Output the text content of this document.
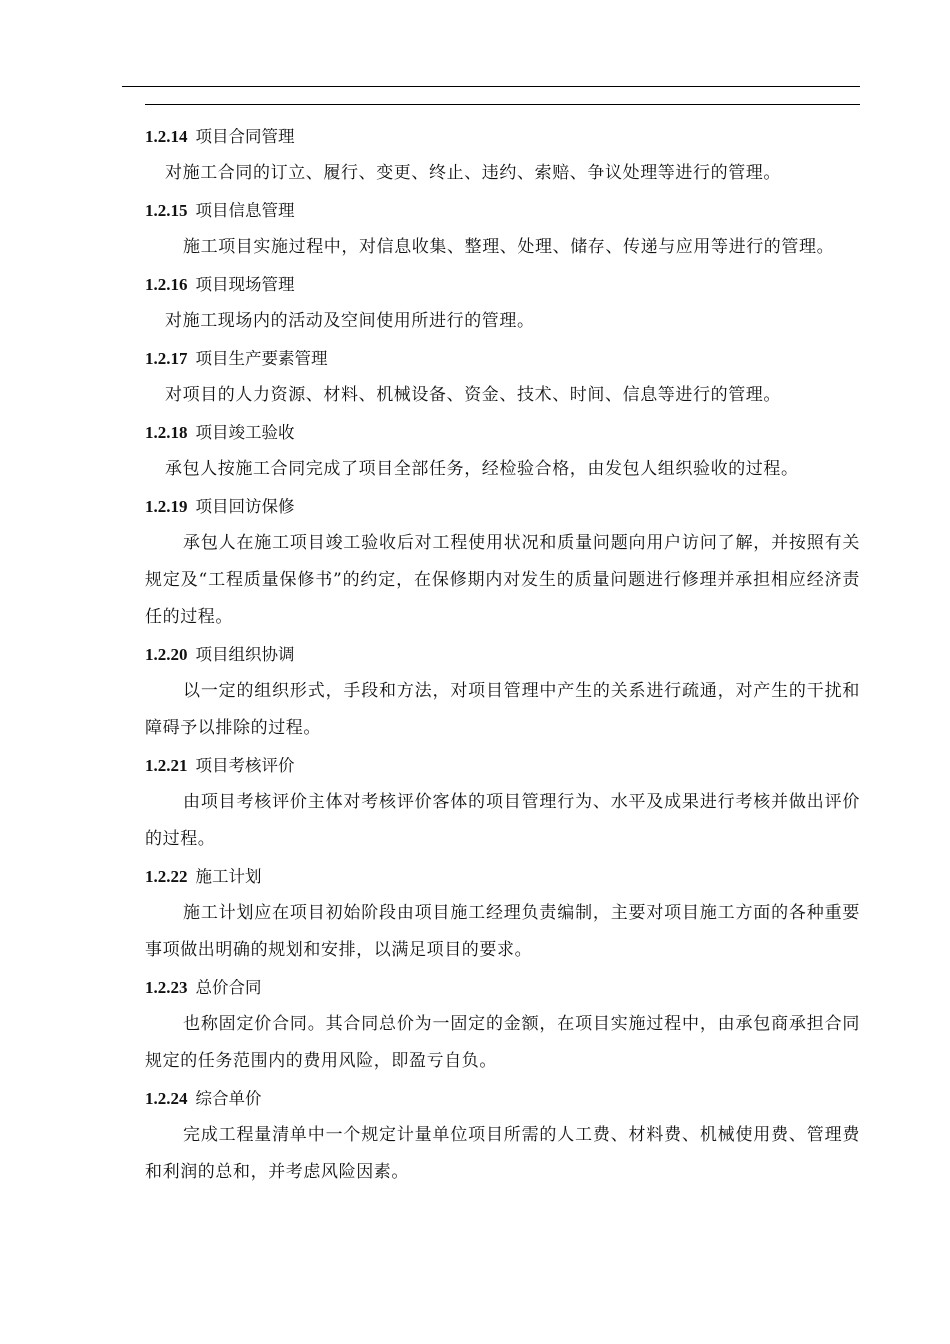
1.2.14 项目合同管理

对施工合同的订立、履行、变更、终止、违约、索赔、争议处理等进行的管理。

1.2.15 项目信息管理

施工项目实施过程中，对信息收集、整理、处理、储存、传递与应用等进行的管理。

1.2.16 项目现场管理

对施工现场内的活动及空间使用所进行的管理。

1.2.17 项目生产要素管理

对项目的人力资源、材料、机械设备、资金、技术、时间、信息等进行的管理。

1.2.18 项目竣工验收

承包人按施工合同完成了项目全部任务，经检验合格，由发包人组织验收的过程。

1.2.19 项目回访保修

承包人在施工项目竣工验收后对工程使用状况和质量问题向用户访问了解，并按照有关规定及“工程质量保修书”的约定，在保修期内对发生的质量问题进行修理并承担相应经济责任的过程。

1.2.20 项目组织协调

以一定的组织形式，手段和方法，对项目管理中产生的关系进行疏通，对产生的干扰和障碍予以排除的过程。

1.2.21 项目考核评价

由项目考核评价主体对考核评价客体的项目管理行为、水平及成果进行考核并做出评价的过程。

1.2.22 施工计划

施工计划应在项目初始阶段由项目施工经理负责编制，主要对项目施工方面的各种重要事项做出明确的规划和安排，以满足项目的要求。

1.2.23 总价合同

也称固定价合同。其合同总价为一固定的金额，在项目实施过程中，由承包商承担合同规定的任务范围内的费用风险，即盈亏自负。

1.2.24 综合单价

完成工程量清单中一个规定计量单位项目所需的人工费、材料费、机械使用费、管理费和利润的总和，并考虑风险因素。
